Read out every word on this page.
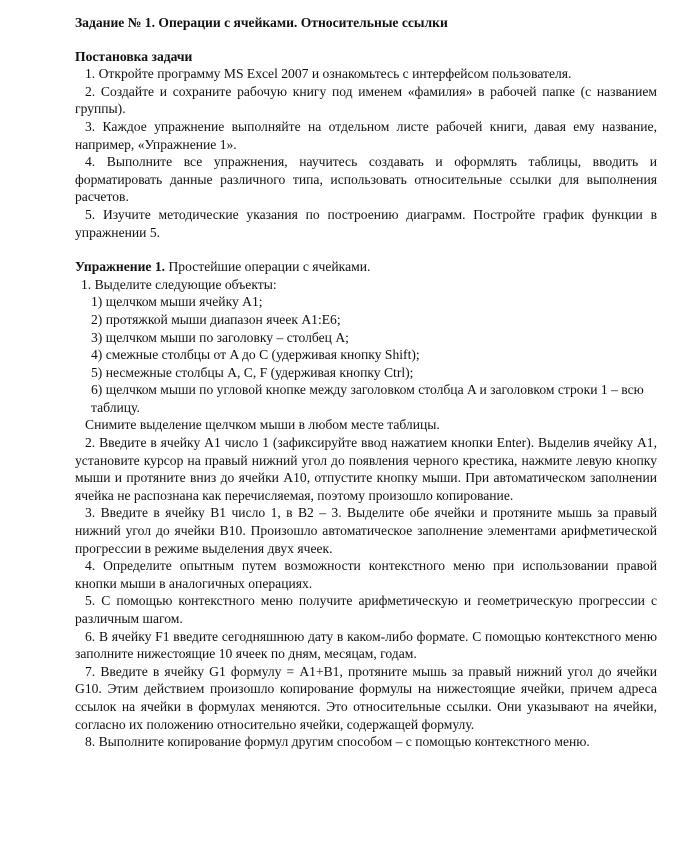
Задание № 1. Операции с ячейками. Относительные ссылки

Постановка задачи

1. Откройте программу MS Excel 2007 и ознакомьтесь с интерфейсом пользователя.

2. Создайте и сохраните рабочую книгу под именем «фамилия» в рабочей папке (с названием группы).

3. Каждое упражнение выполняйте на отдельном листе рабочей книги, давая ему название, например, «Упражнение 1».

4. Выполните все упражнения, научитесь создавать и оформлять таблицы, вводить и форматировать данные различного типа, использовать относительные ссылки для выполнения расчетов.

5. Изучите методические указания по построению диаграмм. Постройте график функции в упражнении 5.

Упражнение 1. Простейшие операции с ячейками.

1. Выделите следующие объекты:

1) щелчком мыши ячейку A1;

2) протяжкой мыши диапазон ячеек A1:E6;

3) щелчком мыши по заголовку – столбец A;

4) смежные столбцы от A до C (удерживая кнопку Shift);

5) несмежные столбцы A, C, F (удерживая кнопку Ctrl);

6) щелчком мыши по угловой кнопке между заголовком столбца A и заголовком строки 1 – всю таблицу.

Снимите выделение щелчком мыши в любом месте таблицы.

2. Введите в ячейку A1 число 1 (зафиксируйте ввод нажатием кнопки Enter). Выделив ячейку A1, установите курсор на правый нижний угол до появления черного крестика, нажмите левую кнопку мыши и протяните вниз до ячейки A10, отпустите кнопку мыши. При автоматическом заполнении ячейка не распознана как перечисляемая, поэтому произошло копирование.

3. Введите в ячейку B1 число 1, в B2 – 3. Выделите обе ячейки и протяните мышь за правый нижний угол до ячейки B10. Произошло автоматическое заполнение элементами арифметической прогрессии в режиме выделения двух ячеек.

4. Определите опытным путем возможности контекстного меню при использовании правой кнопки мыши в аналогичных операциях.

5. С помощью контекстного меню получите арифметическую и геометрическую прогрессии с различным шагом.

6. В ячейку F1 введите сегодняшнюю дату в каком-либо формате. С помощью контекстного меню заполните нижестоящие 10 ячеек по дням, месяцам, годам.

7. Введите в ячейку G1 формулу = A1+B1, протяните мышь за правый нижний угол до ячейки G10. Этим действием произошло копирование формулы на нижестоящие ячейки, причем адреса ссылок на ячейки в формулах меняются. Это относительные ссылки. Они указывают на ячейки, согласно их положению относительно ячейки, содержащей формулу.

8. Выполните копирование формул другим способом – с помощью контекстного меню.
